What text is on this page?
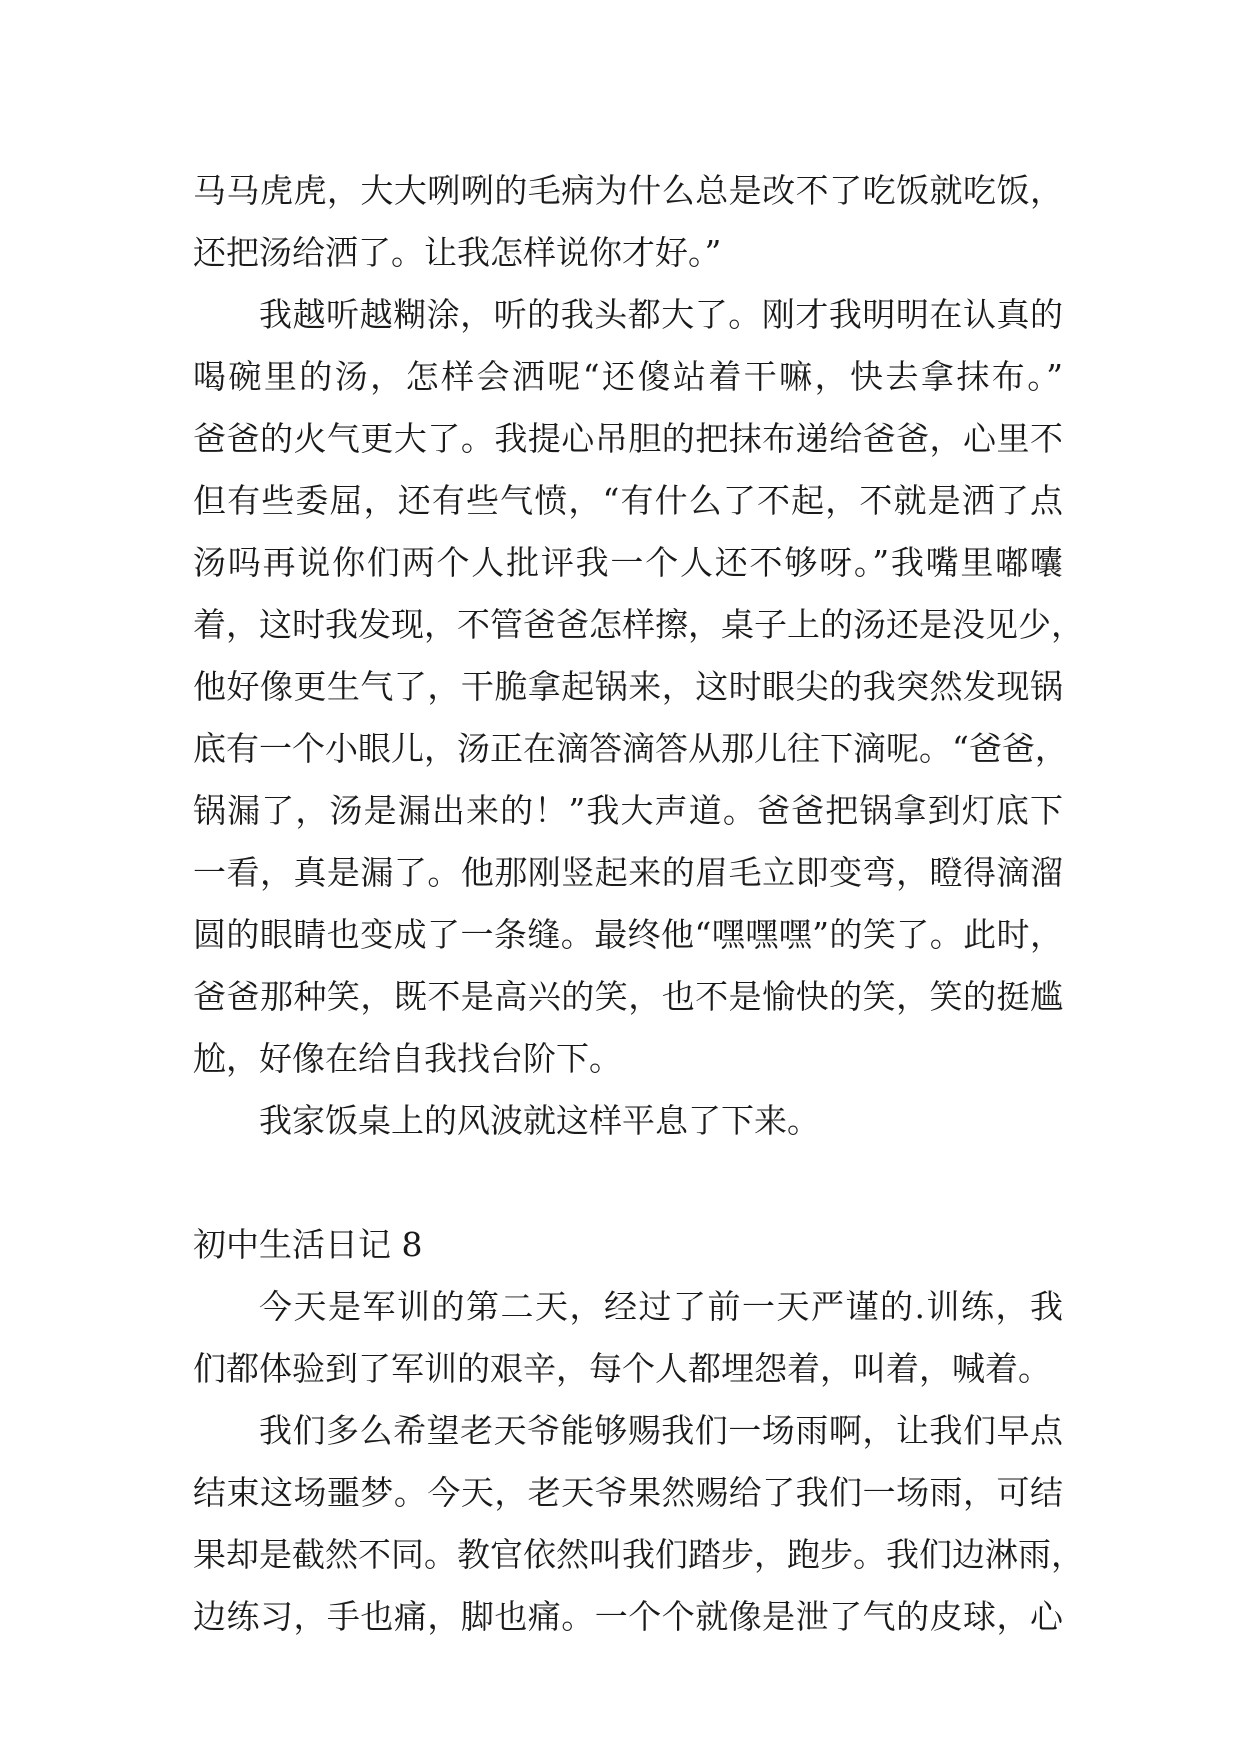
马马虎虎，大大咧咧的毛病为什么总是改不了吃饭就吃饭，
还把汤给洒了。让我怎样说你才好。”
我越听越糊涂，听的我头都大了。刚才我明明在认真的
喝碗里的汤，怎样会洒呢“还傻站着干嘛，快去拿抹布。”
爸爸的火气更大了。我提心吊胆的把抹布递给爸爸，心里不
但有些委屈，还有些气愤，“有什么了不起，不就是洒了点
汤吗再说你们两个人批评我一个人还不够呀。”我嘴里嘟囔
着，这时我发现，不管爸爸怎样擦，桌子上的汤还是没见少，
他好像更生气了，干脆拿起锅来，这时眼尖的我突然发现锅
底有一个小眼儿，汤正在滴答滴答从那儿往下滴呢。“爸爸，
锅漏了，汤是漏出来的！”我大声道。爸爸把锅拿到灯底下
一看，真是漏了。他那刚竖起来的眉毛立即变弯，瞪得滴溜
圆的眼睛也变成了一条缝。最终他“嘿嘿嘿”的笑了。此时，
爸爸那种笑，既不是高兴的笑，也不是愉快的笑，笑的挺尴
尬，好像在给自我找台阶下。
我家饭桌上的风波就这样平息了下来。
初中生活日记 8
今天是军训的第二天，经过了前一天严谨的.训练，我
们都体验到了军训的艰辛，每个人都埋怨着，叫着，喊着。
我们多么希望老天爷能够赐我们一场雨啊，让我们早点
结束这场噩梦。今天，老天爷果然赐给了我们一场雨，可结
果却是截然不同。教官依然叫我们踏步，跑步。我们边淋雨，
边练习，手也痛，脚也痛。一个个就像是泄了气的皮球，心
